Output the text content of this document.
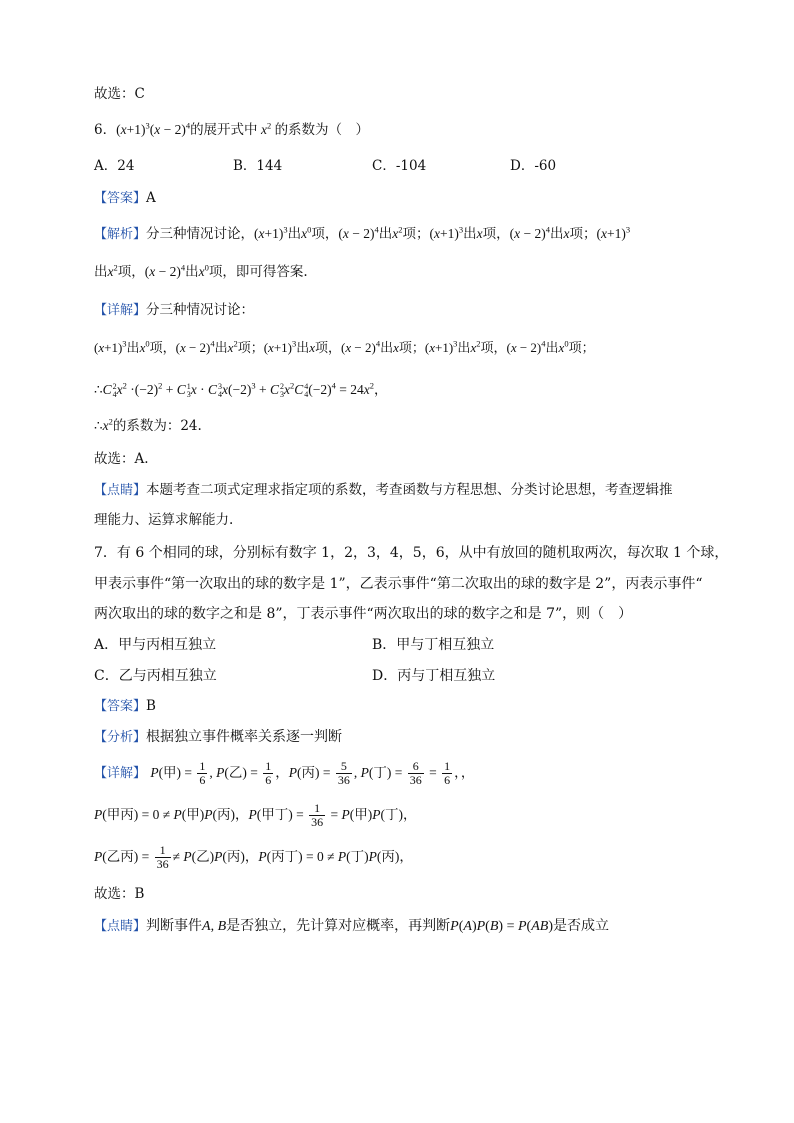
故选：C
6．$(x+1)^3(x - 2)^4$的展开式中 $x^2$ 的系数为（　）
A．24	B．144	C．-104	D．-60
【答案】A
【解析】分三种情况讨论，$(x+1)^3$出$x^0$项，$(x - 2)^4$出$x^2$项；$(x+1)^3$出x项，$(x - 2)^4$出x项；$(x+1)^3$
出$x^2$项，$(x - 2)^4$出$x^0$项，即可得答案.
【详解】分三种情况讨论：
$(x+1)^3$出$x^0$项，$(x - 2)^4$出$x^2$项；$(x+1)^3$出x项，$(x - 2)^4$出x项；$(x+1)^3$出$x^2$项，$(x - 2)^4$出$x^0$项；
∴C 2
4 $x^2 \cdot(-2)^2 + C$ 1
3 x · C 3
4 $x(-2)^3 + C$ 2
3 $x^2C$ 4
4 $(-2)^4 = 24x^2$，
$\therefore x^2$的系数为：24.
故选：A.
【点睛】本题考查二项式定理求指定项的系数，考查函数与方程思想、分类讨论思想，考查逻辑推
理能力、运算求解能力.
7．有 6 个相同的球，分别标有数字 1，2，3，4，5，6，从中有放回的随机取两次，每次取 1 个球，
甲表示事件“第一次取出的球的数字是 1”，乙表示事件“第二次取出的球的数字是 2”，丙表示事件“
两次取出的球的数字之和是 8”，丁表示事件“两次取出的球的数字之和是 7”，则（　）
A．甲与丙相互独立	B．甲与丁相互独立
C．乙与丙相互独立	D．丙与丁相互独立
【答案】B
【分析】根据独立事件概率关系逐一判断
【详解】 P(甲) = $\frac{1}{6}$ , P(乙) = $\frac{1}{6}$ ，P(丙) = $\frac{5}{36}$ , P(丁) = $\frac{6}{36} = \frac{1}{6}$ ，，
P(甲丙) = 0 ≠ P(甲)P(丙)，P(甲丁) = $\frac{1}{36} = P$(甲)P(丁)，
P(乙丙) = $\frac{1}{36} \ne P$(乙)P(丙)，P(丙丁) = 0 ≠ P(丁)P(丙)，
故选：B
【点睛】判断事件A, B是否独立，先计算对应概率，再判断P(A)P(B) = P(AB)是否成立
